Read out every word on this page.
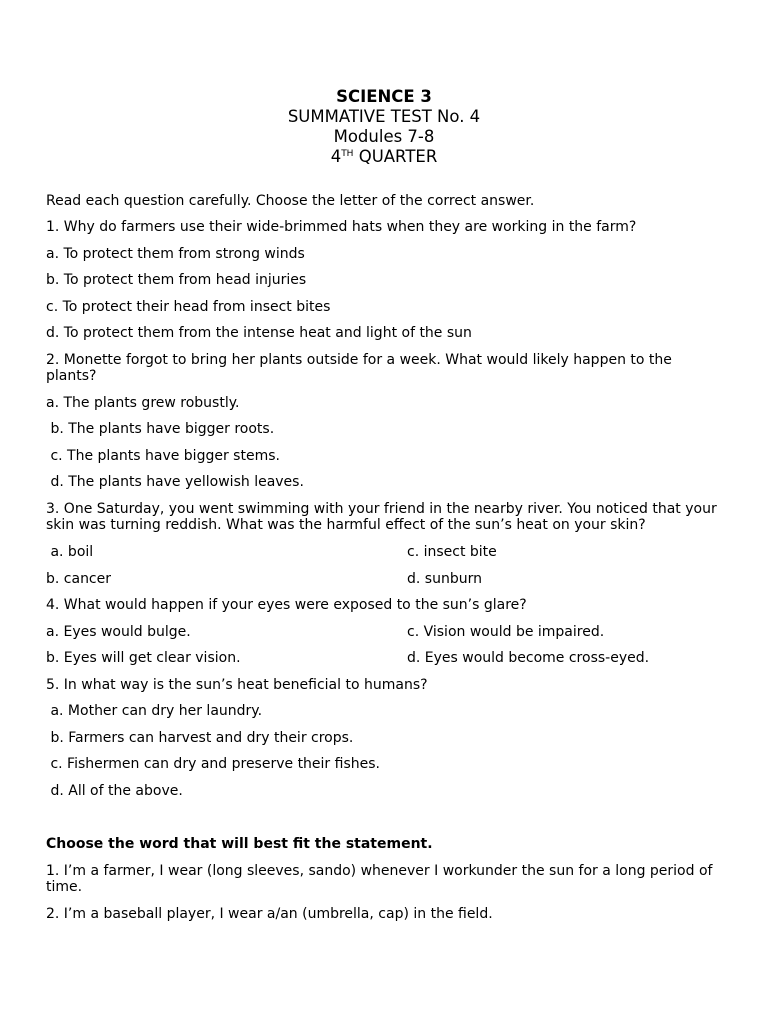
SCIENCE 3
SUMMATIVE TEST No. 4
Modules 7-8
4TH QUARTER
Read each question carefully. Choose the letter of the correct answer.
1. Why do farmers use their wide-brimmed hats when they are working in the farm?
a. To protect them from strong winds
b. To protect them from head injuries
c. To protect their head from insect bites
d. To protect them from the intense heat and light of the sun
2. Monette forgot to bring her plants outside for a week. What would likely happen to the plants?
a. The plants grew robustly.
b. The plants have bigger roots.
c. The plants have bigger stems.
d. The plants have yellowish leaves.
3. One Saturday, you went swimming with your friend in the nearby river. You noticed that your skin was turning reddish. What was the harmful effect of the sun’s heat on your skin?
a. boil	c. insect bite
b. cancer	d. sunburn
4. What would happen if your eyes were exposed to the sun’s glare?
a. Eyes would bulge.	c. Vision would be impaired.
b. Eyes will get clear vision.	d. Eyes would become cross-eyed.
5. In what way is the sun’s heat beneficial to humans?
a. Mother can dry her laundry.
b. Farmers can harvest and dry their crops.
c. Fishermen can dry and preserve their fishes.
d. All of the above.
Choose the word that will best fit the statement.
1. I’m a farmer, I wear (long sleeves, sando) whenever I workunder the sun for a long period of time.
2. I’m a baseball player, I wear a/an (umbrella, cap) in the field.
